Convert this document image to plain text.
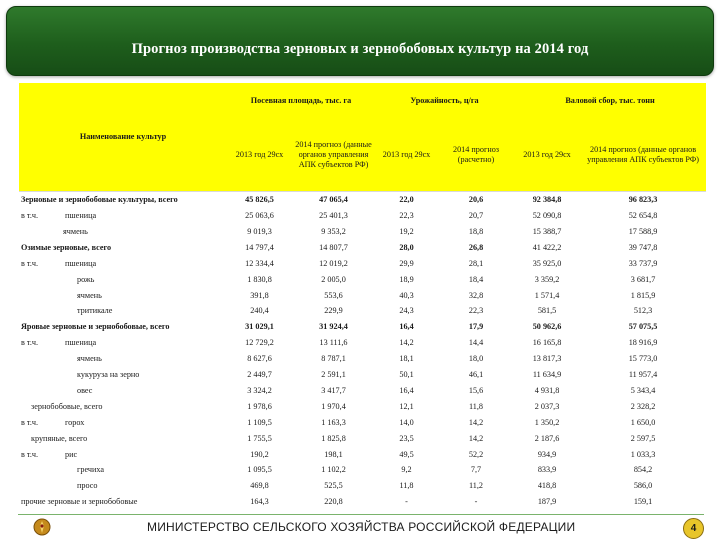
Прогноз производства зерновых и зернобобовых культур на 2014 год
Наименование культур	Посевная площадь, тыс. га		Урожайность, ц/га		Валовой сбор, тыс. тонн	
	2013 год 29сх	2014 прогноз (данные органов управления АПК субъектов РФ)	2013 год 29сх	2014 прогноз (расчетно)	2013 год 29сх	2014 прогноз (данные органов управления АПК субъектов РФ)
Зерновые и зернобобовые культуры, всего	45 826,5	47 065,4	22,0	20,6	92 384,8	96 823,3
в т.ч. пшеница	25 063,6	25 401,3	22,3	20,7	52 090,8	52 654,8
ячмень	9 019,3	9 353,2	19,2	18,8	15 388,7	17 588,9
Озимые зерновые, всего	14 797,4	14 807,7	28,0	26,8	41 422,2	39 747,8
в т.ч. пшеница	12 334,4	12 019,2	29,9	28,1	35 925,0	33 737,9
рожь	1 830,8	2 005,0	18,9	18,4	3 359,2	3 681,7
ячмень	391,8	553,6	40,3	32,8	1 571,4	1 815,9
тритикале	240,4	229,9	24,3	22,3	581,5	512,3
Яровые зерновые и зернобобовые, всего	31 029,1	31 924,4	16,4	17,9	50 962,6	57 075,5
в т.ч. пшеница	12 729,2	13 111,6	14,2	14,4	16 165,8	18 916,9
ячмень	8 627,6	8 787,1	18,1	18,0	13 817,3	15 773,0
кукуруза на зерно	2 449,7	2 591,1	50,1	46,1	11 634,9	11 957,4
овес	3 324,2	3 417,7	16,4	15,6	4 931,8	5 343,4
зернобобовые, всего	1 978,6	1 970,4	12,1	11,8	2 037,3	2 328,2
в т.ч. горох	1 109,5	1 163,3	14,0	14,2	1 350,2	1 650,0
крупяные, всего	1 755,5	1 825,8	23,5	14,2	2 187,6	2 597,5
в т.ч. рис	190,2	198,1	49,5	52,2	934,9	1 033,3
гречиха	1 095,5	1 102,2	9,2	7,7	833,9	854,2
просо	469,8	525,5	11,8	11,2	418,8	586,0
прочие зерновые и зернобобовые	164,3	220,8	-	-	187,9	159,1
МИНИСТЕРСТВО СЕЛЬСКОГО ХОЗЯЙСТВА РОССИЙСКОЙ ФЕДЕРАЦИИ	4
